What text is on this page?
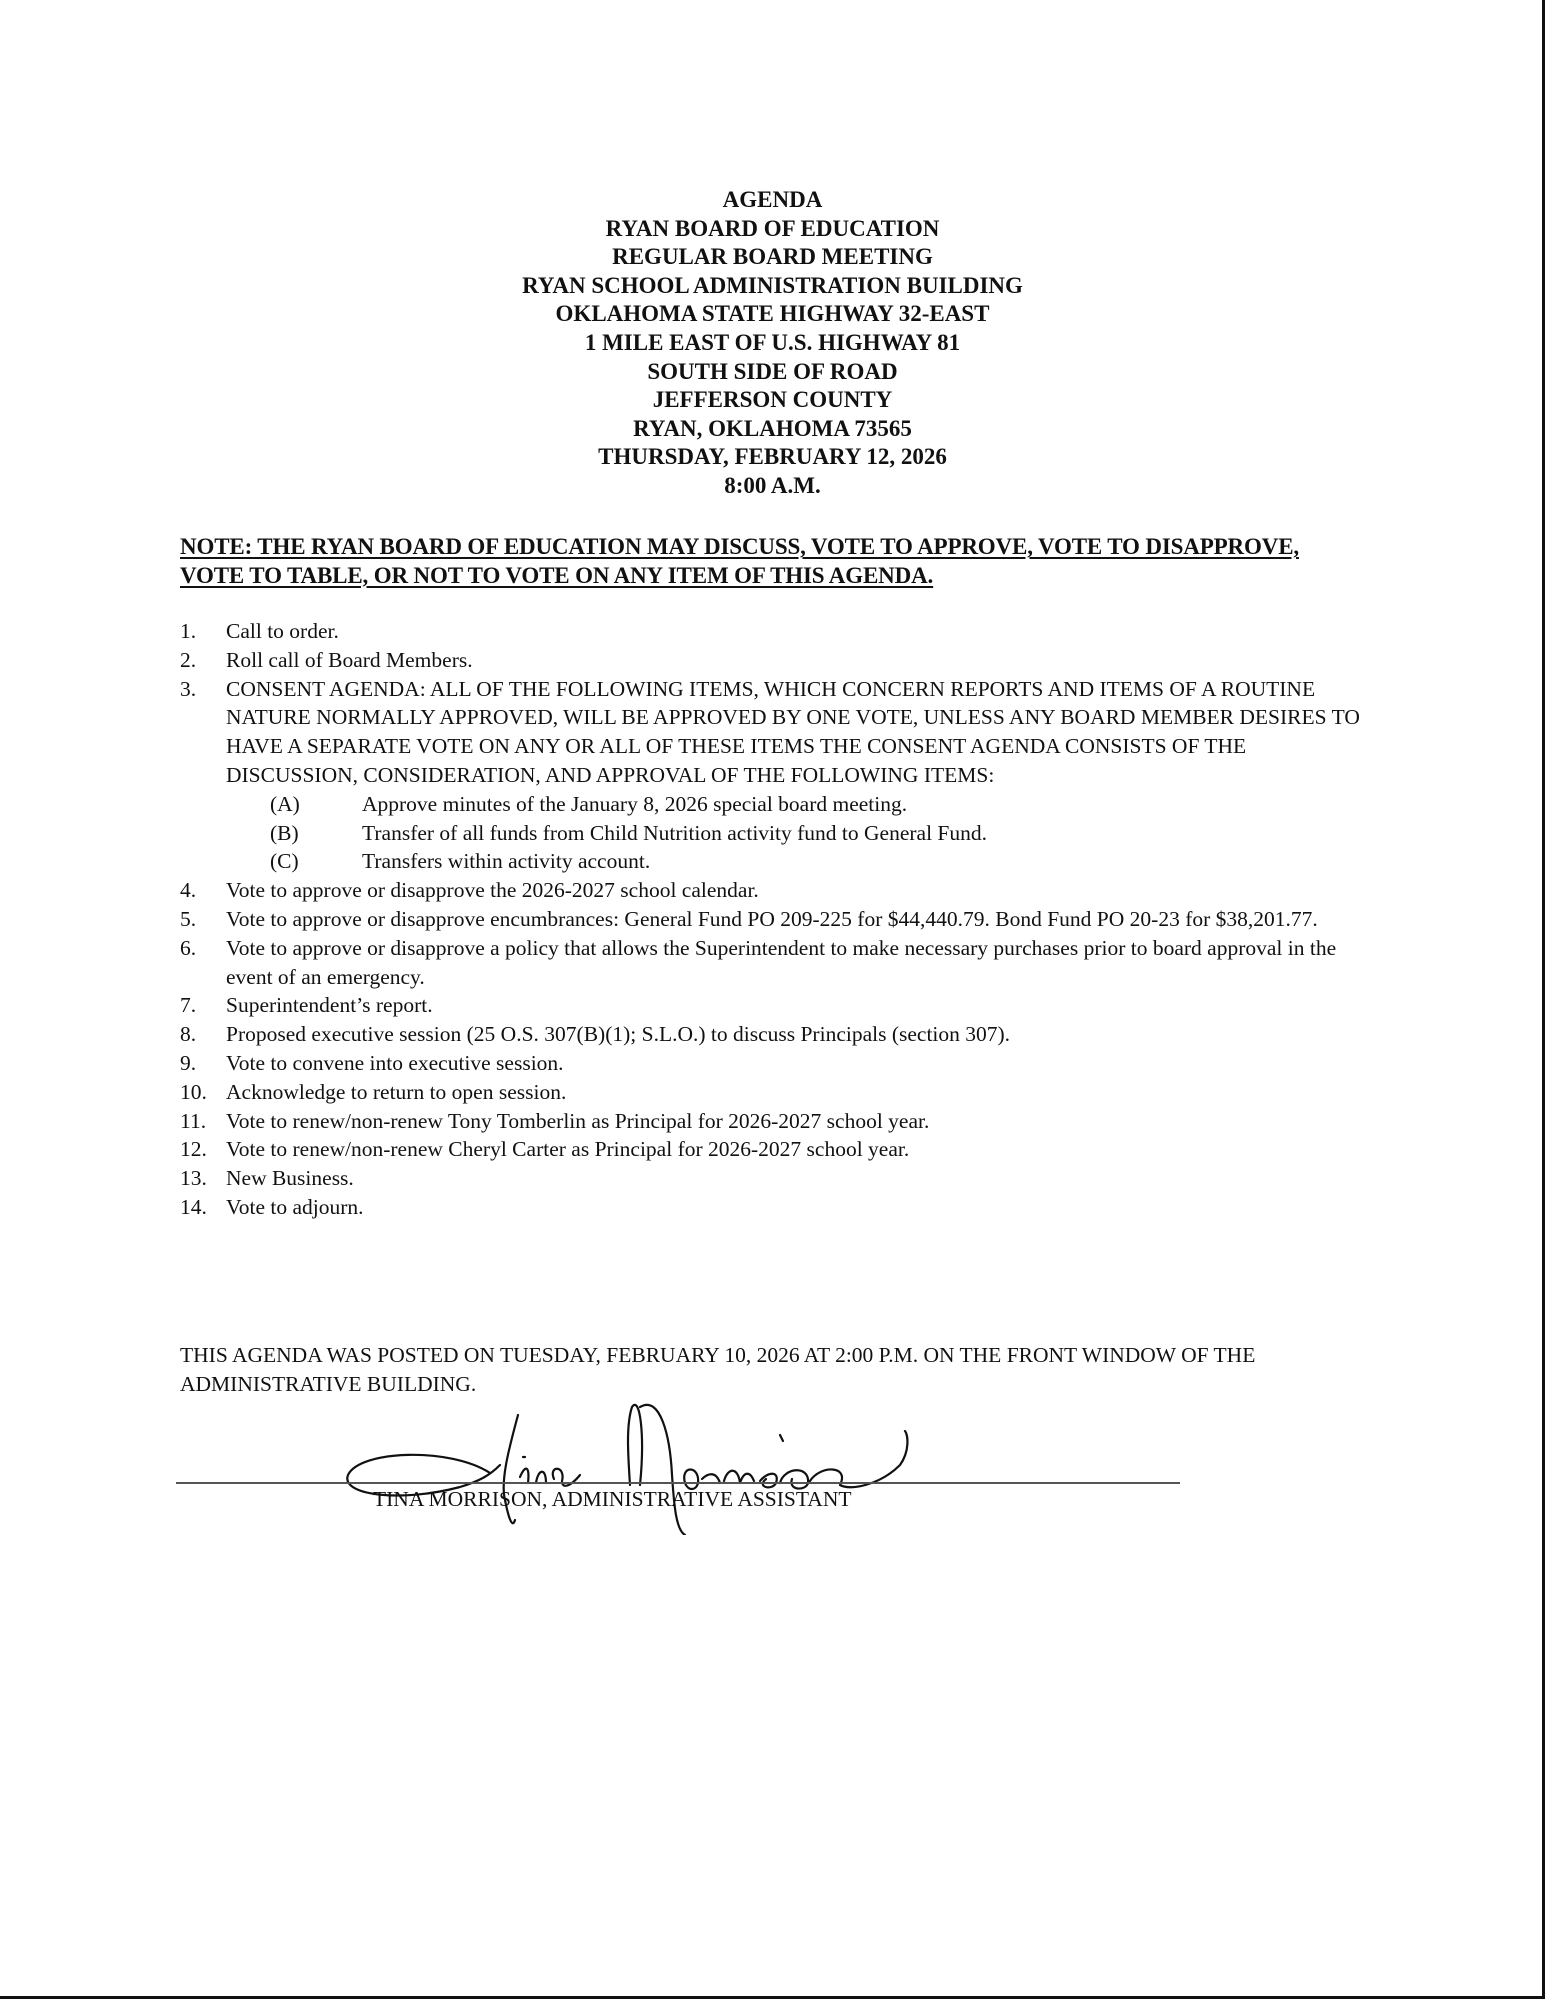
AGENDA
RYAN BOARD OF EDUCATION
REGULAR BOARD MEETING
RYAN SCHOOL ADMINISTRATION BUILDING
OKLAHOMA STATE HIGHWAY 32-EAST
1 MILE EAST OF U.S. HIGHWAY 81
SOUTH SIDE OF ROAD
JEFFERSON COUNTY
RYAN, OKLAHOMA 73565
THURSDAY, FEBRUARY 12, 2026
8:00 A.M.
NOTE: THE RYAN BOARD OF EDUCATION MAY DISCUSS, VOTE TO APPROVE, VOTE TO DISAPPROVE, VOTE TO TABLE, OR NOT TO VOTE ON ANY ITEM OF THIS AGENDA.
1.	Call to order.
2.	Roll call of Board Members.
3.	CONSENT AGENDA: ALL OF THE FOLLOWING ITEMS, WHICH CONCERN REPORTS AND ITEMS OF A ROUTINE NATURE NORMALLY APPROVED, WILL BE APPROVED BY ONE VOTE, UNLESS ANY BOARD MEMBER DESIRES TO HAVE A SEPARATE VOTE ON ANY OR ALL OF THESE ITEMS THE CONSENT AGENDA CONSISTS OF THE DISCUSSION, CONSIDERATION, AND APPROVAL OF THE FOLLOWING ITEMS:
(A)	Approve minutes of the January 8, 2026 special board meeting.
(B)	Transfer of all funds from Child Nutrition activity fund to General Fund.
(C)	Transfers within activity account.
4.	Vote to approve or disapprove the 2026-2027 school calendar.
5.	Vote to approve or disapprove encumbrances: General Fund PO 209-225 for $44,440.79. Bond Fund PO 20-23 for $38,201.77.
6.	Vote to approve or disapprove a policy that allows the Superintendent to make necessary purchases prior to board approval in the event of an emergency.
7.	Superintendent’s report.
8.	Proposed executive session (25 O.S. 307(B)(1); S.L.O.) to discuss Principals (section 307).
9.	Vote to convene into executive session.
10. Acknowledge to return to open session.
11. Vote to renew/non-renew Tony Tomberlin as Principal for 2026-2027 school year.
12. Vote to renew/non-renew Cheryl Carter as Principal for 2026-2027 school year.
13. New Business.
14. Vote to adjourn.
THIS AGENDA WAS POSTED ON TUESDAY, FEBRUARY 10, 2026 AT 2:00 P.M. ON THE FRONT WINDOW OF THE ADMINISTRATIVE BUILDING.
TINA MORRISON, ADMINISTRATIVE ASSISTANT
